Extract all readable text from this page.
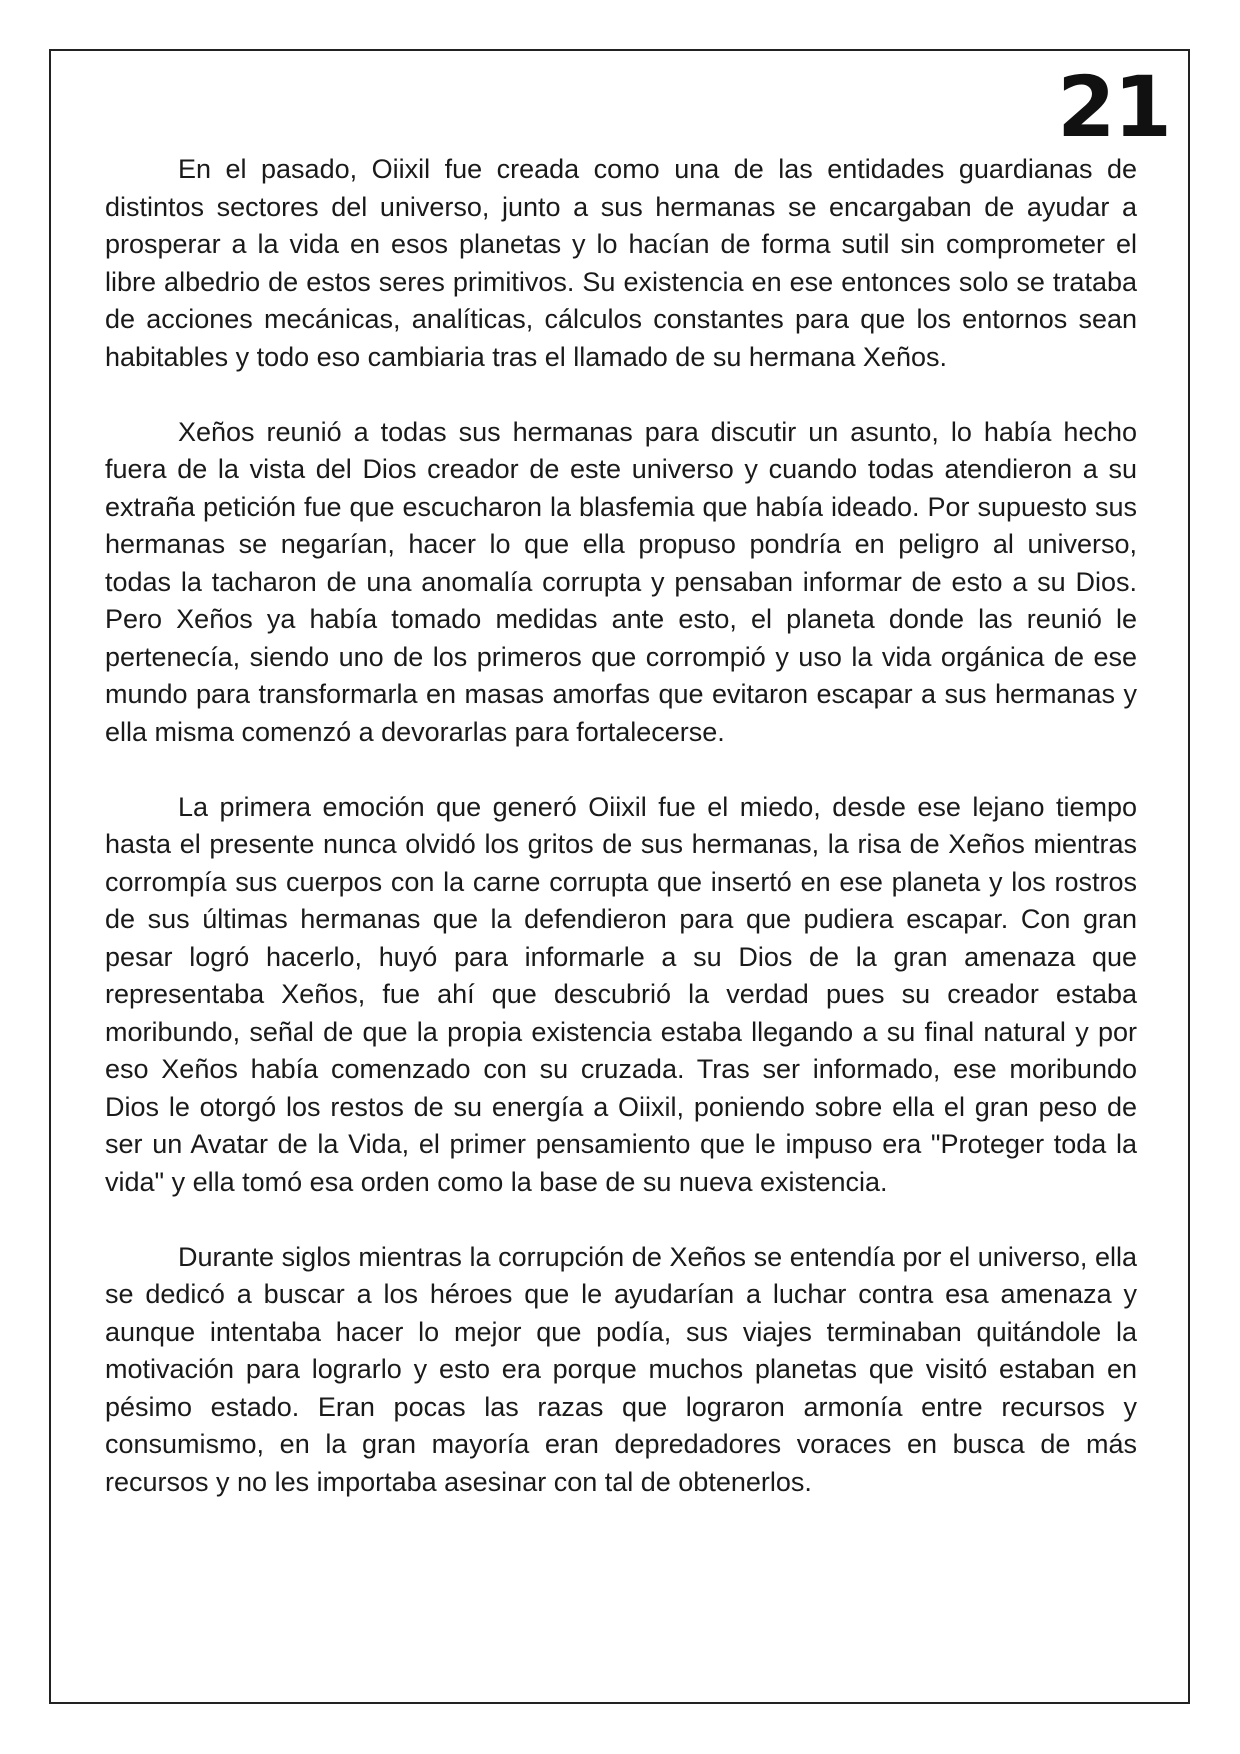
21

En el pasado, Oiixil fue creada como una de las entidades guardianas de distintos sectores del universo, junto a sus hermanas se encargaban de ayudar a prosperar a la vida en esos planetas y lo hacían de forma sutil sin comprometer el libre albedrio de estos seres primitivos. Su existencia en ese entonces solo se trataba de acciones mecánicas, analíticas, cálculos constantes para que los entornos sean habitables y todo eso cambiaria tras el llamado de su hermana Xeños.

Xeños reunió a todas sus hermanas para discutir un asunto, lo había hecho fuera de la vista del Dios creador de este universo y cuando todas atendieron a su extraña petición fue que escucharon la blasfemia que había ideado. Por supuesto sus hermanas se negarían, hacer lo que ella propuso pondría en peligro al universo, todas la tacharon de una anomalía corrupta y pensaban informar de esto a su Dios. Pero Xeños ya había tomado medidas ante esto, el planeta donde las reunió le pertenecía, siendo uno de los primeros que corrompió y uso la vida orgánica de ese mundo para transformarla en masas amorfas que evitaron escapar a sus hermanas y ella misma comenzó a devorarlas para fortalecerse.

La primera emoción que generó Oiixil fue el miedo, desde ese lejano tiempo hasta el presente nunca olvidó los gritos de sus hermanas, la risa de Xeños mientras corrompía sus cuerpos con la carne corrupta que insertó en ese planeta y los rostros de sus últimas hermanas que la defendieron para que pudiera escapar. Con gran pesar logró hacerlo, huyó para informarle a su Dios de la gran amenaza que representaba Xeños, fue ahí que descubrió la verdad pues su creador estaba moribundo, señal de que la propia existencia estaba llegando a su final natural y por eso Xeños había comenzado con su cruzada. Tras ser informado, ese moribundo Dios le otorgó los restos de su energía a Oiixil, poniendo sobre ella el gran peso de ser un Avatar de la Vida, el primer pensamiento que le impuso era "Proteger toda la vida" y ella tomó esa orden como la base de su nueva existencia.

Durante siglos mientras la corrupción de Xeños se entendía por el universo, ella se dedicó a buscar a los héroes que le ayudarían a luchar contra esa amenaza y aunque intentaba hacer lo mejor que podía, sus viajes terminaban quitándole la motivación para lograrlo y esto era porque muchos planetas que visitó estaban en pésimo estado. Eran pocas las razas que lograron armonía entre recursos y consumismo, en la gran mayoría eran depredadores voraces en busca de más recursos y no les importaba asesinar con tal de obtenerlos.
